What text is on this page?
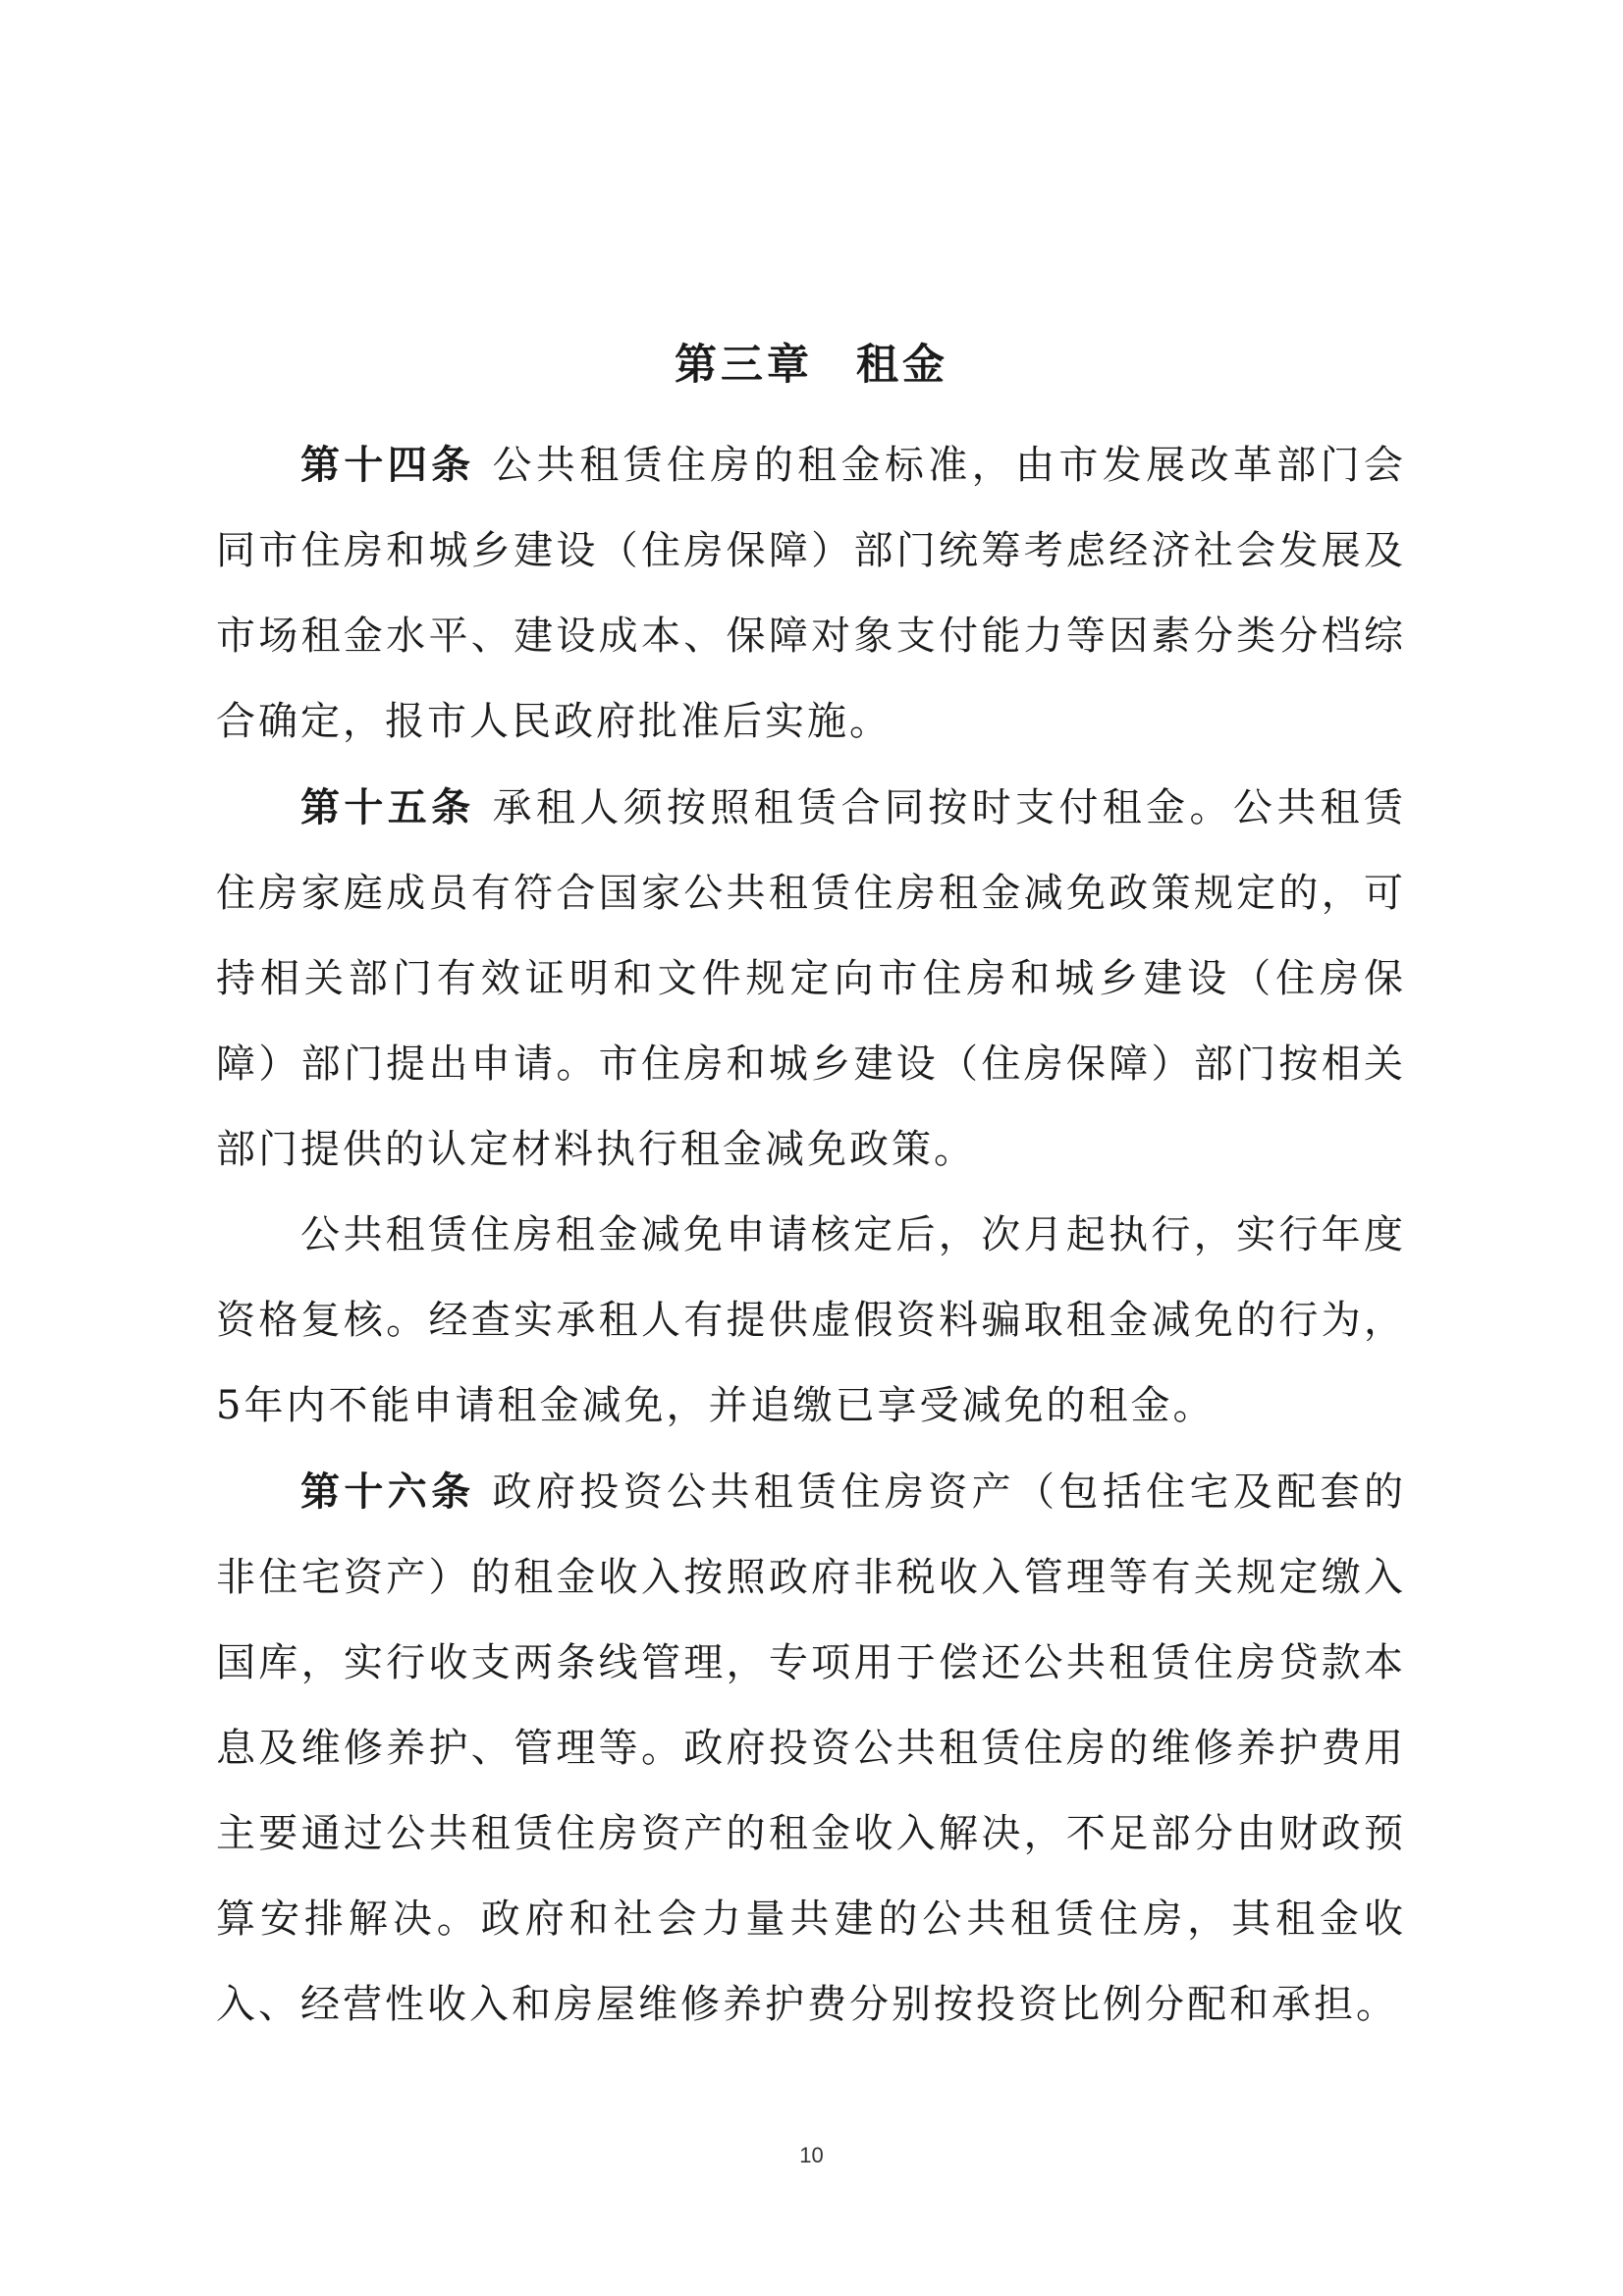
第三章 租金

第十四条 公共租赁住房的租金标准，由市发展改革部门会同市住房和城乡建设（住房保障）部门统筹考虑经济社会发展及市场租金水平、建设成本、保障对象支付能力等因素分类分档综合确定，报市人民政府批准后实施。

第十五条 承租人须按照租赁合同按时支付租金。公共租赁住房家庭成员有符合国家公共租赁住房租金减免政策规定的，可持相关部门有效证明和文件规定向市住房和城乡建设（住房保障）部门提出申请。市住房和城乡建设（住房保障）部门按相关部门提供的认定材料执行租金减免政策。

公共租赁住房租金减免申请核定后，次月起执行，实行年度资格复核。经查实承租人有提供虚假资料骗取租金减免的行为，5年内不能申请租金减免，并追缴已享受减免的租金。

第十六条 政府投资公共租赁住房资产（包括住宅及配套的非住宅资产）的租金收入按照政府非税收入管理等有关规定缴入国库，实行收支两条线管理，专项用于偿还公共租赁住房贷款本息及维修养护、管理等。政府投资公共租赁住房的维修养护费用主要通过公共租赁住房资产的租金收入解决，不足部分由财政预算安排解决。政府和社会力量共建的公共租赁住房，其租金收入、经营性收入和房屋维修养护费分别按投资比例分配和承担。

10
